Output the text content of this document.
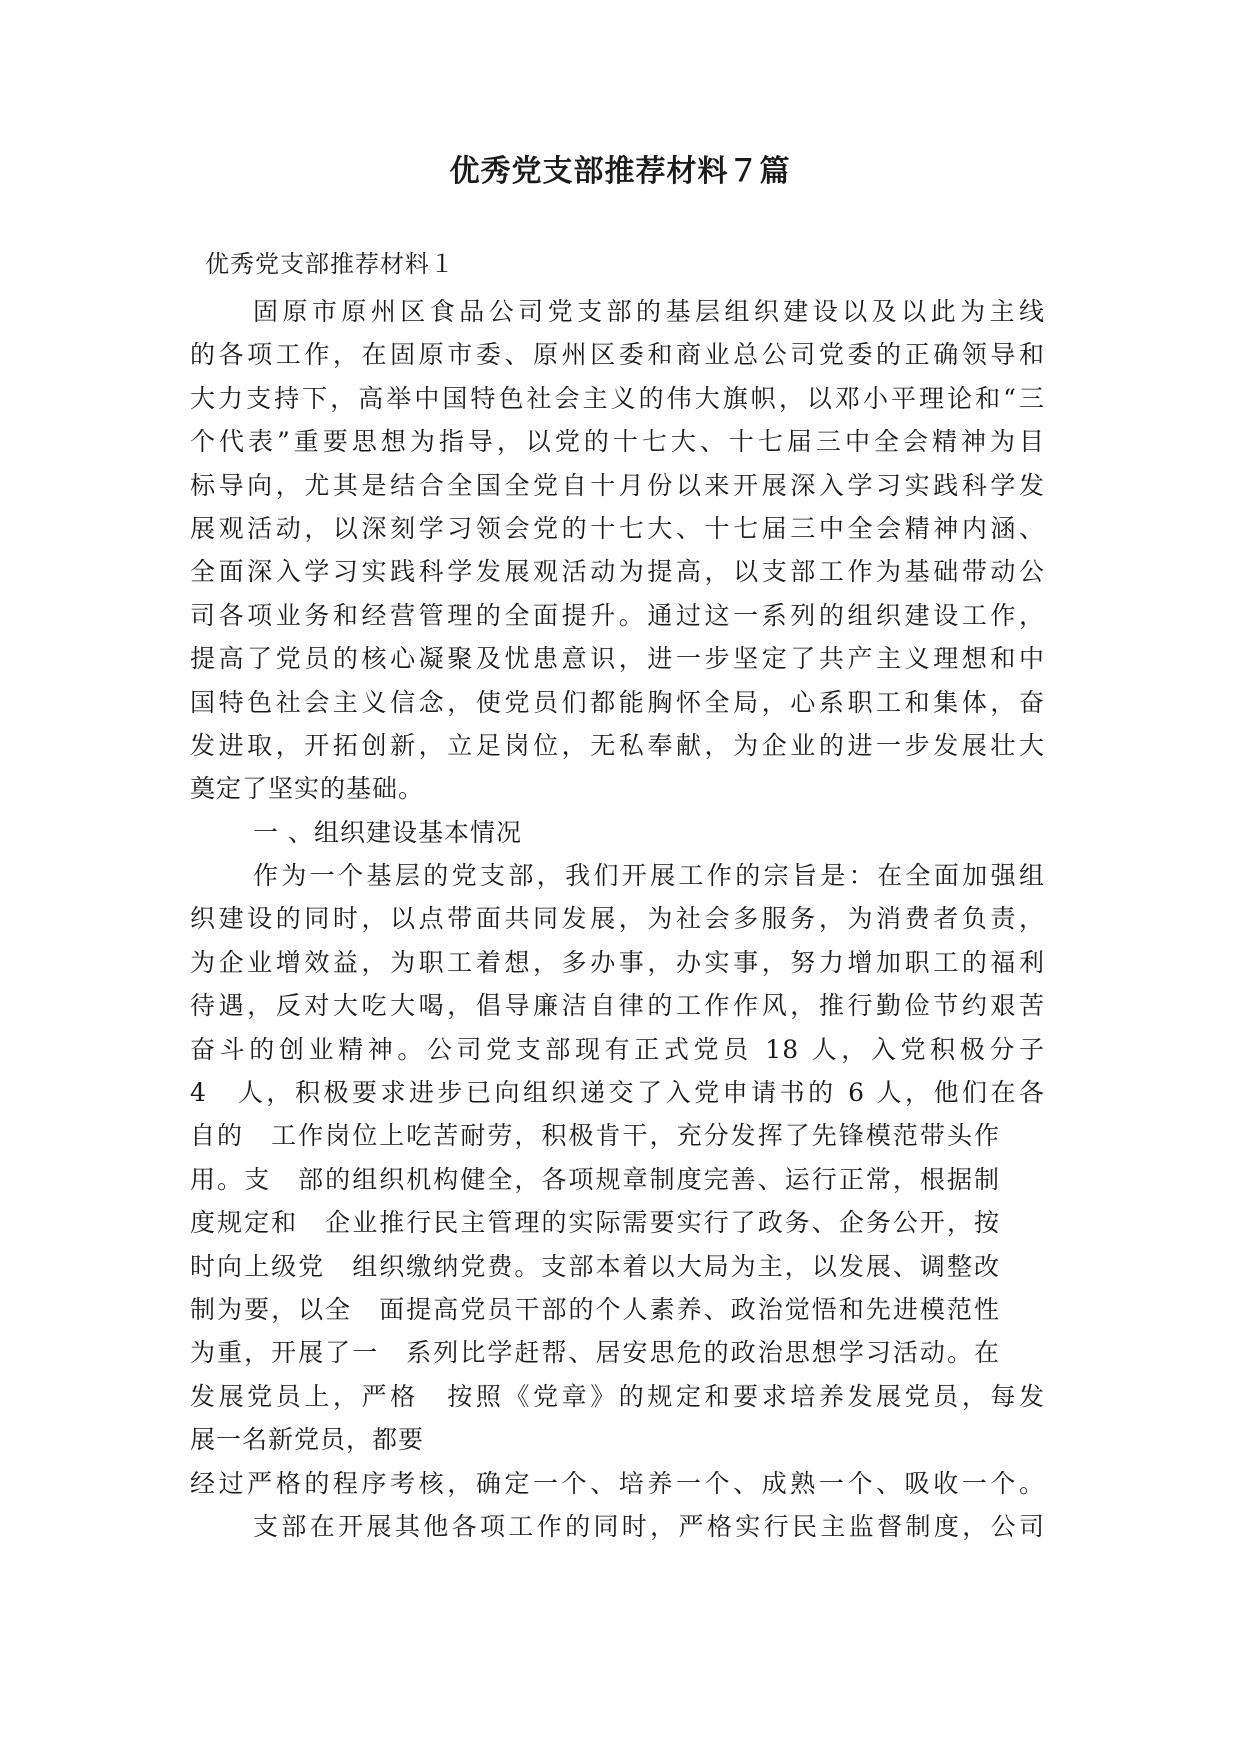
优秀党支部推荐材料７篇
优秀党支部推荐材料１
固原市原州区食品公司党支部的基层组织建设以及以此为主线
的各项工作，在固原市委、原州区委和商业总公司党委的正确领导和
大力支持下，高举中国特色社会主义的伟大旗帜，以邓小平理论和“三
个代表”重要思想为指导，以党的十七大、十七届三中全会精神为目
标导向，尤其是结合全国全党自十月份以来开展深入学习实践科学发
展观活动，以深刻学习领会党的十七大、十七届三中全会精神内涵、
全面深入学习实践科学发展观活动为提高，以支部工作为基础带动公
司各项业务和经营管理的全面提升。通过这一系列的组织建设工作，
提高了党员的核心凝聚及忧患意识，进一步坚定了共产主义理想和中
国特色社会主义信念，使党员们都能胸怀全局，心系职工和集体，奋
发进取，开拓创新，立足岗位，无私奉献，为企业的进一步发展壮大
奠定了坚实的基础。
一 、组织建设基本情况
作为一个基层的党支部，我们开展工作的宗旨是：在全面加强组
织建设的同时，以点带面共同发展，为社会多服务，为消费者负责，
为企业增效益，为职工着想，多办事，办实事，努力增加职工的福利
待遇，反对大吃大喝，倡导廉洁自律的工作作风，推行勤俭节约艰苦
奋斗的创业精神。公司党支部现有正式党员 18 人，入党积极分子
4　人，积极要求进步已向组织递交了入党申请书的 6 人，他们在各
自的　工作岗位上吃苦耐劳，积极肯干，充分发挥了先锋模范带头作
用。支　部的组织机构健全，各项规章制度完善、运行正常，根据制
度规定和　企业推行民主管理的实际需要实行了政务、企务公开，按
时向上级党　组织缴纳党费。支部本着以大局为主，以发展、调整改
制为要，以全　面提高党员干部的个人素养、政治觉悟和先进模范性
为重，开展了一　系列比学赶帮、居安思危的政治思想学习活动。在
发展党员上，严格　按照《党章》的规定和要求培养发展党员，每发
展一名新党员，都要
经过严格的程序考核，确定一个、培养一个、成熟一个、吸收一个。
支部在开展其他各项工作的同时，严格实行民主监督制度，公司
